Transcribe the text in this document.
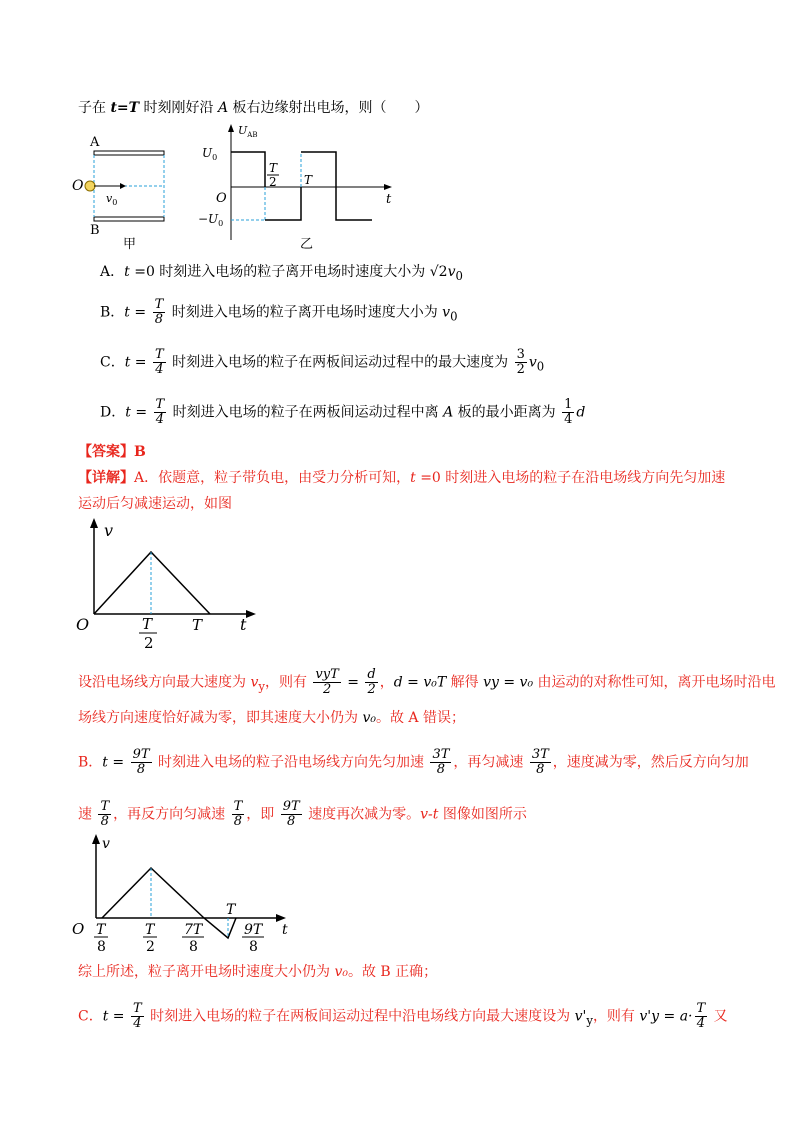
子在 t=T 时刻刚好沿 A 板右边缘射出电场，则（　　）
A
B
O
$v_0$
甲
$U_{AB}$
t
O
$U_0$
$-U_0$
T
2 T
乙
A．t =0 时刻进入电场的粒子离开电场时速度大小为 $√2v_0$
B．$t = \frac{T}{8}$ 时刻进入电场的粒子离开电场时速度大小为 $v_0$
C．$t = \frac{T}{4}$ 时刻进入电场的粒子在两板间运动过程中的最大速度为 $\frac{3}{2} v_0$
D．$t = \frac{T}{4}$ 时刻进入电场的粒子在两板间运动过程中离 A 板的最小距离为 $\frac{1}{4}$ d
【答案】B
【详解】A．依题意，粒子带负电，由受力分析可知，t =0 时刻进入电场的粒子在沿电场线方向先匀加速
运动后匀减速运动，如图
v
t
O	T
2
T
设沿电场线方向最大速度为 $v_y$，则有 $\frac{\text{vyT}}{2} = \frac{d}{2}$ ，d = v₀T 解得 vy = v₀ 由运动的对称性可知，离开电场时沿电
场线方向速度恰好减为零，即其速度大小仍为 v₀。故 A 错误；
B．$t = \frac{9T}{8}$ 时刻进入电场的粒子沿电场线方向先匀加速 $\frac{3T}{8}$ ，再匀减速 $\frac{3T}{8}$ ，速度减为零，然后反方向匀加
速 $\frac{T}{8}$ ，再反方向匀减速 $\frac{T}{8}$ ，即 $\frac{9T}{8}$ 速度再次减为零。v-t 图像如图所示
v
t
O T
8
T
2
7T
8
T
9T
8
综上所述，粒子离开电场时速度大小仍为 v₀。故 B 正确；
C．$t = \frac{T}{4}$ 时刻进入电场的粒子在两板间运动过程中沿电场线方向最大速度设为 $v'_y$，则有 $v'y = a\cdot \frac{T}{4}$ 又
